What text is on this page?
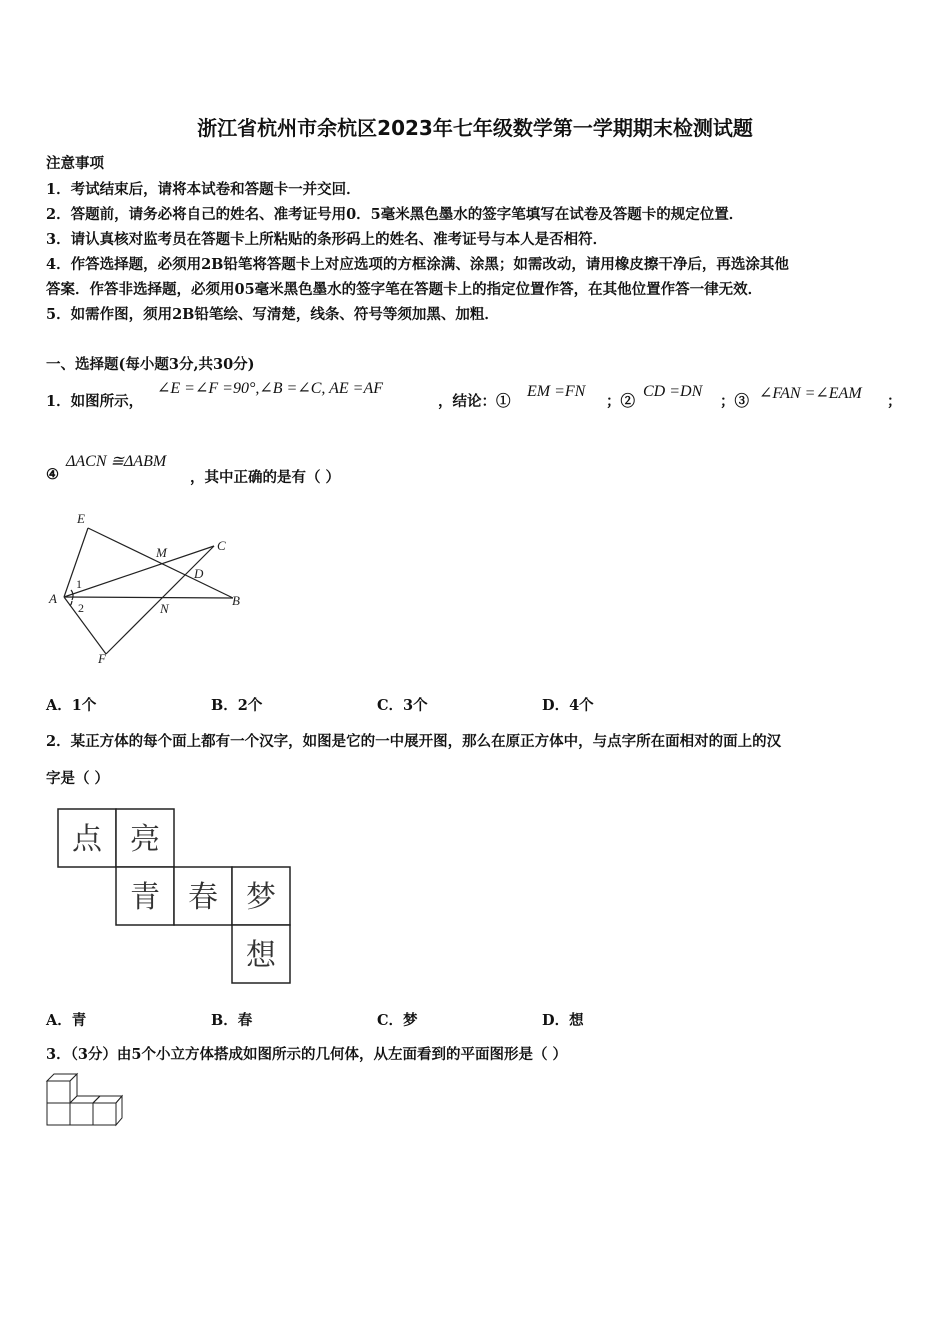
浙江省杭州市余杭区2023年七年级数学第一学期期末检测试题
注意事项
1．考试结束后，请将本试卷和答题卡一并交回．
2．答题前，请务必将自己的姓名、准考证号用0．5毫米黑色墨水的签字笔填写在试卷及答题卡的规定位置．
3．请认真核对监考员在答题卡上所粘贴的条形码上的姓名、准考证号与本人是否相符．
4．作答选择题，必须用2B铅笔将答题卡上对应选项的方框涂满、涂黑；如需改动，请用橡皮擦干净后，再选涂其他
答案．作答非选择题，必须用05毫米黑色墨水的签字笔在答题卡上的指定位置作答，在其他位置作答一律无效．
5．如需作图，须用2B铅笔绘、写清楚，线条、符号等须加黑、加粗．
一、选择题(每小题3分,共30分)
1．如图所示，
∠E =∠F =90°,∠B =∠C, AE =AF
，结论：①
EM =FN
；②
CD =DN
；③ ∠FAN =∠EAM ；
④
ΔACN ≅ΔABM
，其中正确的是有（ ）
E
M	C
D
A
N
B
F
1
2
A．1个	B．2个	C．3个	D．4个
2．某正方体的每个面上都有一个汉字，如图是它的一中展开图，那么在原正方体中，与点字所在面相对的面上的汉
字是（ ）
点 亮
青 春 梦
想
A．青	B．春	C．梦	D．想
3．（3分）由5个小立方体搭成如图所示的几何体，从左面看到的平面图形是（ ）
